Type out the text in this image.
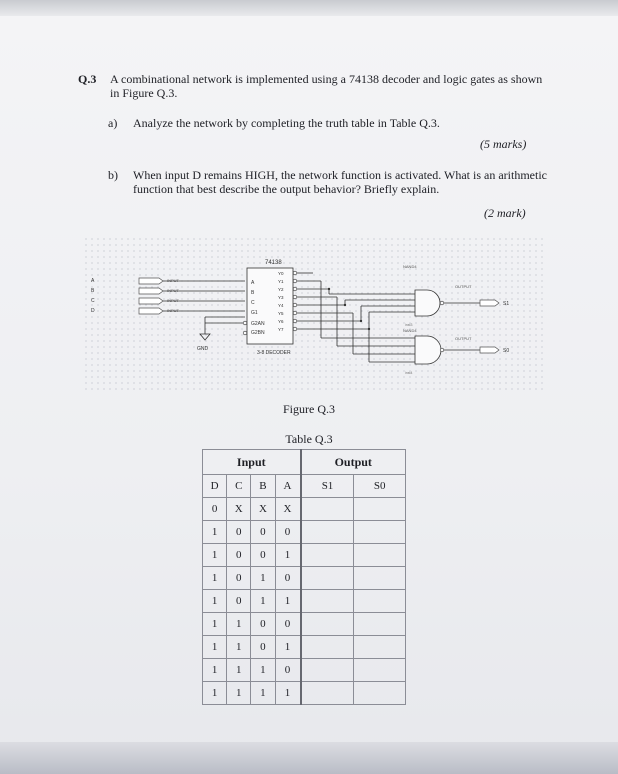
Q.3 A combinational network is implemented using a 74138 decoder and logic gates as shown in Figure Q.3.
a) Analyze the network by completing the truth table in Table Q.3.
(5 marks)
b) When input D remains HIGH, the network function is activated. What is an arithmetic function that best describe the output behavior? Briefly explain.
(2 mark)
A	INPUT
B	INPUT
C	INPUT
D	INPUT
GND
74138
A
B
C
G1
G2AN
G2BN
Y0
Y1
Y2
Y3
Y4
Y5
Y6
Y7
3-8 DECODER
NAND4
inst3
NAND4
inst4
OUTPUT
S1
OUTPUT
S0
Figure Q.3
Table Q.3
Input				Output	
D	C	B	A	S1	S0
0	X	X	X		
1	0	0	0		
1	0	0	1		
1	0	1	0		
1	0	1	1		
1	1	0	0		
1	1	0	1		
1	1	1	0		
1	1	1	1		
